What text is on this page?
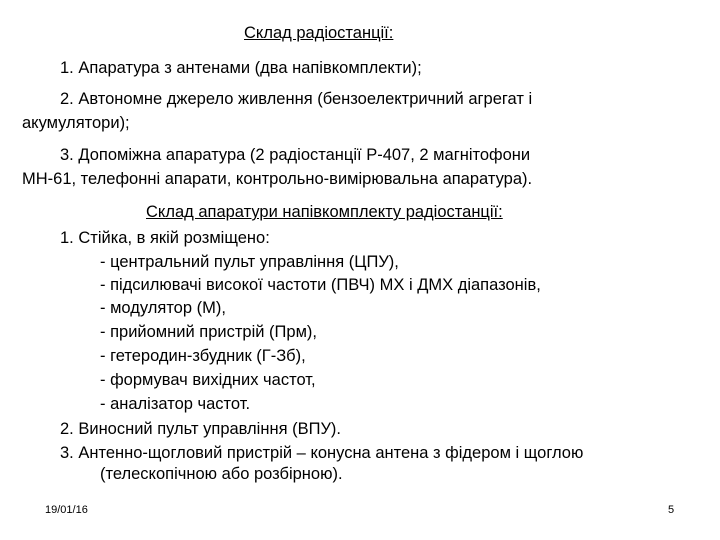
Склад радіостанції:
1. Апаратура з антенами (два напівкомплекти);
2. Автономне джерело живлення (бензоелектричний агрегат і
акумулятори);
3. Допоміжна апаратура (2 радіостанції Р-407, 2 магнітофони
МН-61, телефонні апарати, контрольно-вимірювальна апаратура).
Склад апаратури напівкомплекту радіостанції:
1. Стійка, в якій розміщено:
- центральний пульт управління (ЦПУ),
- підсилювачі високої частоти (ПВЧ) МХ і ДМХ діапазонів,
- модулятор (М),
- прийомний пристрій (Прм),
- гетеродин-збудник (Г-Зб),
- формувач вихідних частот,
- аналізатор частот.
2. Виносний пульт управління (ВПУ).
3. Антенно-щогловий пристрій – конусна антена з фідером і щоглою
(телескопічною або розбірною).
19/01/16	5
